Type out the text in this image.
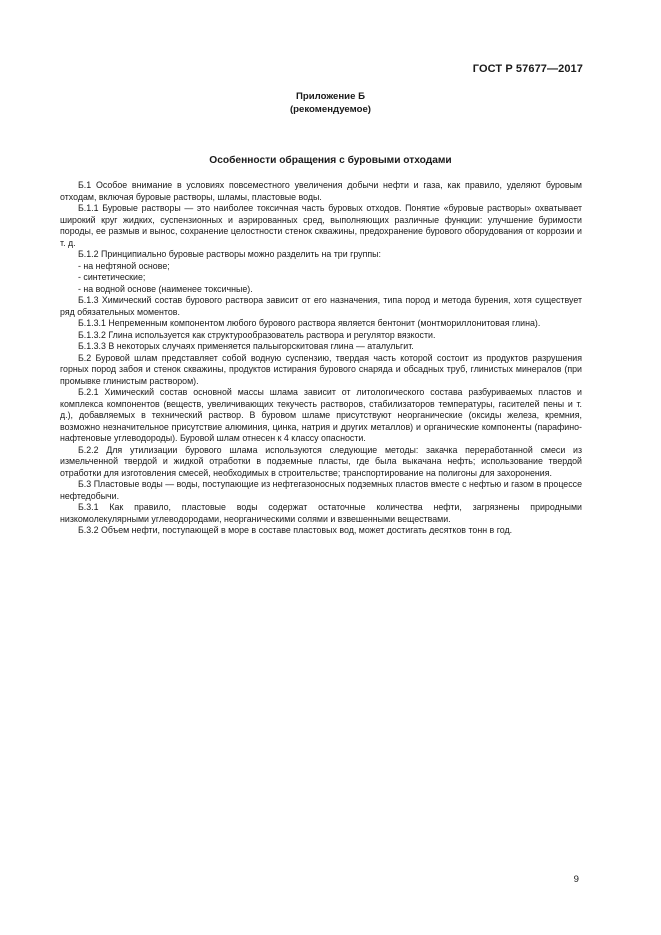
ГОСТ Р 57677—2017
Приложение Б
(рекомендуемое)
Особенности обращения с буровыми отходами

Б.1 Особое внимание в условиях повсеместного увеличения добычи нефти и газа, как правило, уделяют буровым отходам, включая буровые растворы, шламы, пластовые воды.

Б.1.1 Буровые растворы — это наиболее токсичная часть буровых отходов. Понятие «буровые растворы» охватывает широкий круг жидких, суспензионных и аэрированных сред, выполняющих различные функции: улучшение буримости породы, ее размыв и вынос, сохранение целостности стенок скважины, предохранение бурового оборудования от коррозии и т. д.

Б.1.2 Принципиально буровые растворы можно разделить на три группы:

- на нефтяной основе;

- синтетические;

- на водной основе (наименее токсичные).

Б.1.3 Химический состав бурового раствора зависит от его назначения, типа пород и метода бурения, хотя существует ряд обязательных моментов.

Б.1.3.1 Непременным компонентом любого бурового раствора является бентонит (монтмориллонитовая глина).

Б.1.3.2 Глина используется как структурообразователь раствора и регулятор вязкости.

Б.1.3.3 В некоторых случаях применяется пальыгорскитовая глина — аталульгит.

Б.2 Буровой шлам представляет собой водную суспензию, твердая часть которой состоит из продуктов разрушения горных пород забоя и стенок скважины, продуктов истирания бурового снаряда и обсадных труб, глинистых минералов (при промывке глинистым раствором).

Б.2.1 Химический состав основной массы шлама зависит от литологического состава разбуриваемых пластов и комплекса компонентов (веществ, увеличивающих текучесть растворов, стабилизаторов температуры, гасителей пены и т. д.), добавляемых в технический раствор. В буровом шламе присутствуют неорганические (оксиды железа, кремния, возможно незначительное присутствие алюминия, цинка, натрия и других металлов) и органические компоненты (парафино-нафтеновые углеводороды). Буровой шлам отнесен к 4 классу опасности.

Б.2.2 Для утилизации бурового шлама используются следующие методы: закачка переработанной смеси из измельченной твердой и жидкой отработки в подземные пласты, где была выкачана нефть; использование твердой отработки для изготовления смесей, необходимых в строительстве; транспортирование на полигоны для захоронения.

Б.3 Пластовые воды — воды, поступающие из нефтегазоносных подземных пластов вместе с нефтью и газом в процессе нефтедобычи.

Б.3.1 Как правило, пластовые воды содержат остаточные количества нефти, загрязнены природными низкомолекулярными углеводородами, неорганическими солями и взвешенными веществами.

Б.3.2 Объем нефти, поступающей в море в составе пластовых вод, может достигать десятков тонн в год.

9
